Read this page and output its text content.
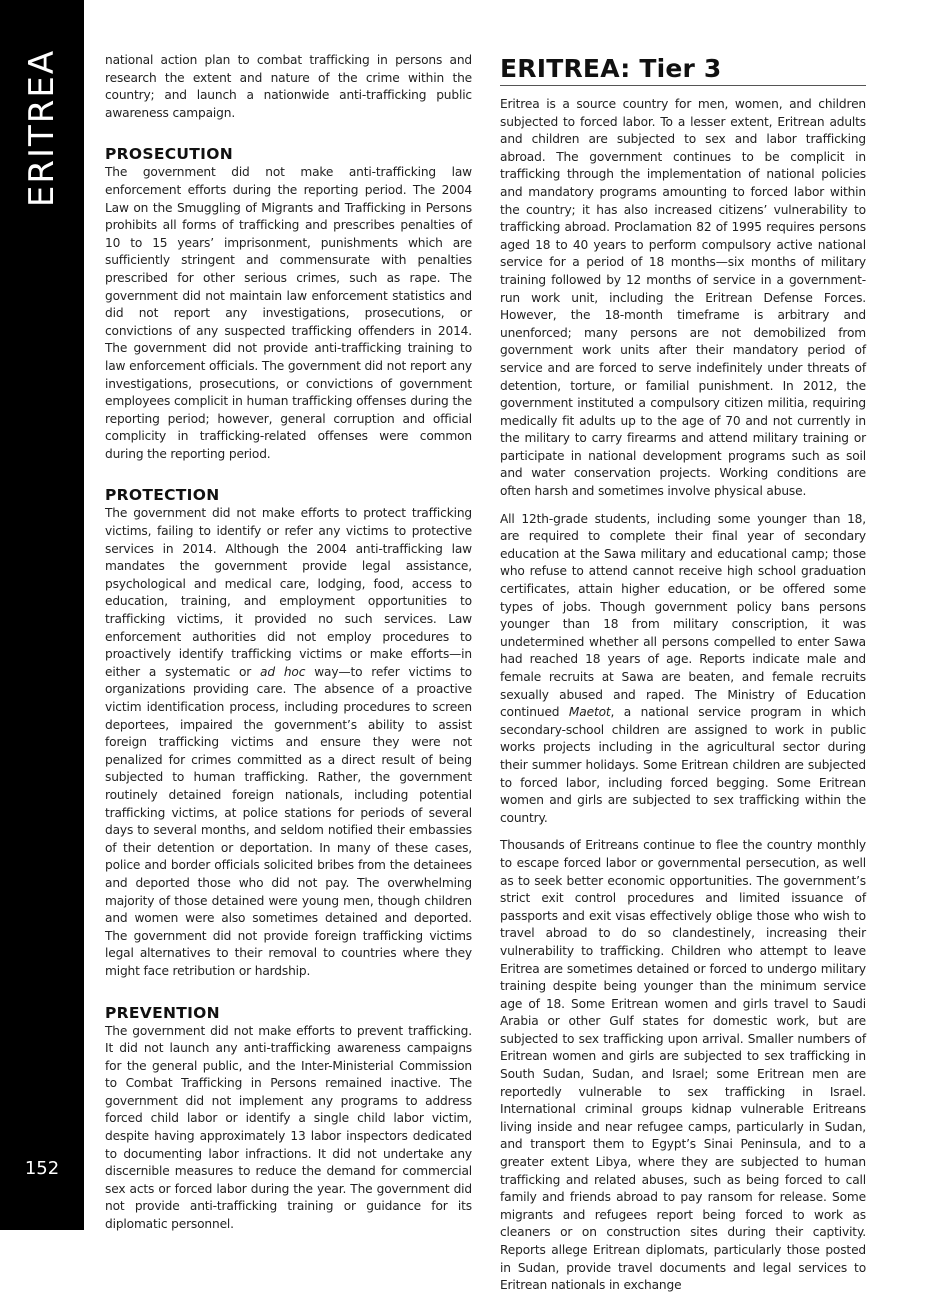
ERITREA
152

national action plan to combat trafficking in persons and research the extent and nature of the crime within the country; and launch a nationwide anti-trafficking public awareness campaign.

PROSECUTION

The government did not make anti-trafficking law enforcement efforts during the reporting period. The 2004 Law on the Smuggling of Migrants and Trafficking in Persons prohibits all forms of trafficking and prescribes penalties of 10 to 15 years’ imprisonment, punishments which are sufficiently stringent and commensurate with penalties prescribed for other serious crimes, such as rape. The government did not maintain law enforcement statistics and did not report any investigations, prosecutions, or convictions of any suspected trafficking offenders in 2014. The government did not provide anti-trafficking training to law enforcement officials. The government did not report any investigations, prosecutions, or convictions of government employees complicit in human trafficking offenses during the reporting period; however, general corruption and official complicity in trafficking-related offenses were common during the reporting period.

PROTECTION

The government did not make efforts to protect trafficking victims, failing to identify or refer any victims to protective services in 2014. Although the 2004 anti-trafficking law mandates the government provide legal assistance, psychological and medical care, lodging, food, access to education, training, and employment opportunities to trafficking victims, it provided no such services. Law enforcement authorities did not employ procedures to proactively identify trafficking victims or make efforts—in either a systematic or ad hoc way—to refer victims to organizations providing care. The absence of a proactive victim identification process, including procedures to screen deportees, impaired the government’s ability to assist foreign trafficking victims and ensure they were not penalized for crimes committed as a direct result of being subjected to human trafficking. Rather, the government routinely detained foreign nationals, including potential trafficking victims, at police stations for periods of several days to several months, and seldom notified their embassies of their detention or deportation. In many of these cases, police and border officials solicited bribes from the detainees and deported those who did not pay. The overwhelming majority of those detained were young men, though children and women were also sometimes detained and deported. The government did not provide foreign trafficking victims legal alternatives to their removal to countries where they might face retribution or hardship.

PREVENTION

The government did not make efforts to prevent trafficking. It did not launch any anti-trafficking awareness campaigns for the general public, and the Inter-Ministerial Commission to Combat Trafficking in Persons remained inactive. The government did not implement any programs to address forced child labor or identify a single child labor victim, despite having approximately 13 labor inspectors dedicated to documenting labor infractions. It did not undertake any discernible measures to reduce the demand for commercial sex acts or forced labor during the year. The government did not provide anti-trafficking training or guidance for its diplomatic personnel.

ERITREA: Tier 3

Eritrea is a source country for men, women, and children subjected to forced labor. To a lesser extent, Eritrean adults and children are subjected to sex and labor trafficking abroad. The government continues to be complicit in trafficking through the implementation of national policies and mandatory programs amounting to forced labor within the country; it has also increased citizens’ vulnerability to trafficking abroad. Proclamation 82 of 1995 requires persons aged 18 to 40 years to perform compulsory active national service for a period of 18 months—six months of military training followed by 12 months of service in a government-run work unit, including the Eritrean Defense Forces. However, the 18-month timeframe is arbitrary and unenforced; many persons are not demobilized from government work units after their mandatory period of service and are forced to serve indefinitely under threats of detention, torture, or familial punishment. In 2012, the government instituted a compulsory citizen militia, requiring medically fit adults up to the age of 70 and not currently in the military to carry firearms and attend military training or participate in national development programs such as soil and water conservation projects. Working conditions are often harsh and sometimes involve physical abuse.

All 12th-grade students, including some younger than 18, are required to complete their final year of secondary education at the Sawa military and educational camp; those who refuse to attend cannot receive high school graduation certificates, attain higher education, or be offered some types of jobs. Though government policy bans persons younger than 18 from military conscription, it was undetermined whether all persons compelled to enter Sawa had reached 18 years of age. Reports indicate male and female recruits at Sawa are beaten, and female recruits sexually abused and raped. The Ministry of Education continued Maetot, a national service program in which secondary-school children are assigned to work in public works projects including in the agricultural sector during their summer holidays. Some Eritrean children are subjected to forced labor, including forced begging. Some Eritrean women and girls are subjected to sex trafficking within the country.

Thousands of Eritreans continue to flee the country monthly to escape forced labor or governmental persecution, as well as to seek better economic opportunities. The government’s strict exit control procedures and limited issuance of passports and exit visas effectively oblige those who wish to travel abroad to do so clandestinely, increasing their vulnerability to trafficking. Children who attempt to leave Eritrea are sometimes detained or forced to undergo military training despite being younger than the minimum service age of 18. Some Eritrean women and girls travel to Saudi Arabia or other Gulf states for domestic work, but are subjected to sex trafficking upon arrival. Smaller numbers of Eritrean women and girls are subjected to sex trafficking in South Sudan, Sudan, and Israel; some Eritrean men are reportedly vulnerable to sex trafficking in Israel. International criminal groups kidnap vulnerable Eritreans living inside and near refugee camps, particularly in Sudan, and transport them to Egypt’s Sinai Peninsula, and to a greater extent Libya, where they are subjected to human trafficking and related abuses, such as being forced to call family and friends abroad to pay ransom for release. Some migrants and refugees report being forced to work as cleaners or on construction sites during their captivity. Reports allege Eritrean diplomats, particularly those posted in Sudan, provide travel documents and legal services to Eritrean nationals in exchange
